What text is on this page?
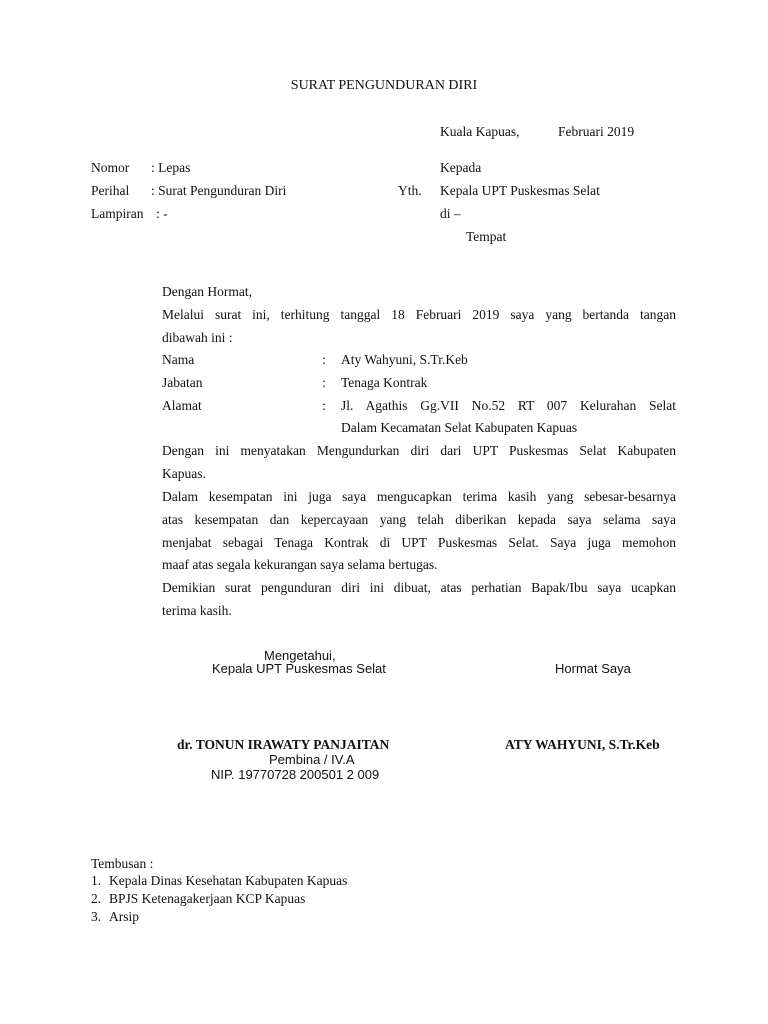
SURAT PENGUNDURAN DIRI
Kuala Kapuas,	Februari 2019
Nomor : Lepas
Perihal : Surat Pengunduran Diri
Lampiran : -
Kepada
Yth. Kepala UPT Puskesmas Selat
di –
Tempat
Dengan Hormat,
Melalui surat ini, terhitung tanggal 18 Februari 2019 saya yang bertanda tangan
dibawah ini :
Nama	: Aty Wahyuni, S.Tr.Keb
Jabatan	: Tenaga Kontrak
Alamat	: Jl. Agathis Gg.VII No.52 RT 007 Kelurahan Selat
Dalam Kecamatan Selat Kabupaten Kapuas
Dengan ini menyatakan Mengundurkan diri dari UPT Puskesmas Selat Kabupaten
Kapuas.
Dalam kesempatan ini juga saya mengucapkan terima kasih yang sebesar-besarnya
atas kesempatan dan kepercayaan yang telah diberikan kepada saya selama saya
menjabat sebagai Tenaga Kontrak di UPT Puskesmas Selat. Saya juga memohon
maaf atas segala kekurangan saya selama bertugas.
Demikian surat pengunduran diri ini dibuat, atas perhatian Bapak/Ibu saya ucapkan
terima kasih.
Mengetahui,
Kepala UPT Puskesmas Selat	Hormat Saya
dr. TONUN IRAWATY PANJAITAN
Pembina / IV.A
NIP. 19770728 200501 2 009
ATY WAHYUNI, S.Tr.Keb
Tembusan :
1. Kepala Dinas Kesehatan Kabupaten Kapuas
2. BPJS Ketenagakerjaan KCP Kapuas
3. Arsip
